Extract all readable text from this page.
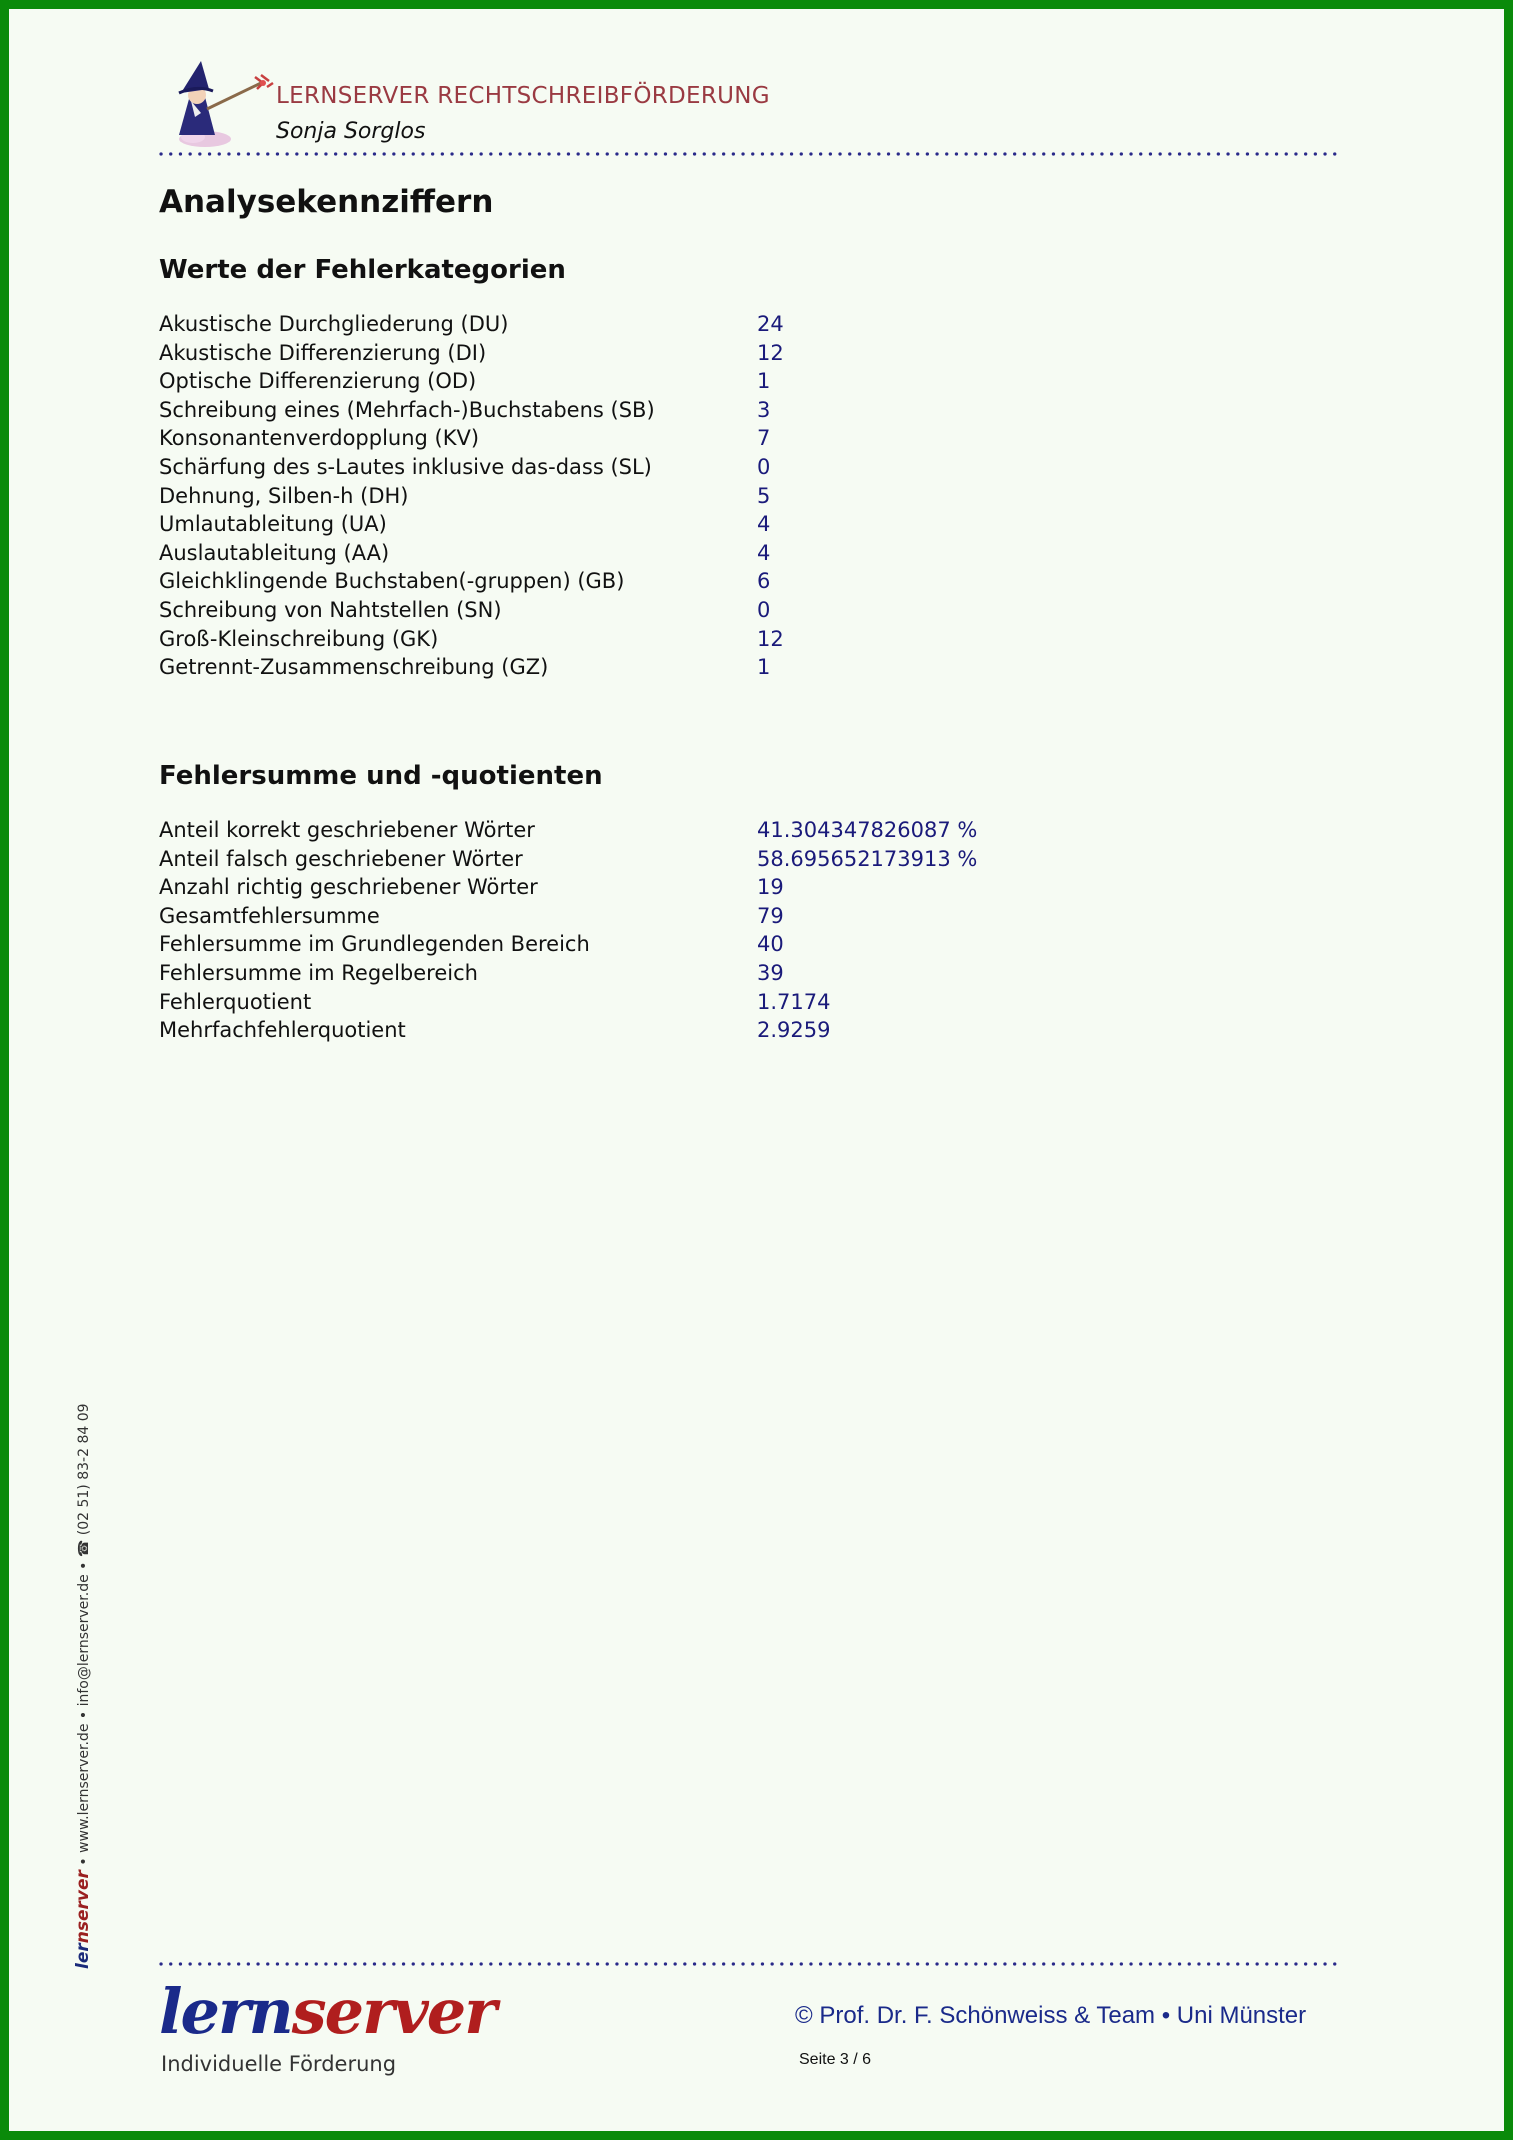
LERNSERVER RECHTSCHREIBFÖRDERUNG
Sonja Sorglos
Analysekennziffern
Werte der Fehlerkategorien
Akustische Durchgliederung (DU)	24
Akustische Differenzierung (DI)	12
Optische Differenzierung (OD)	1
Schreibung eines (Mehrfach-)Buchstabens (SB)	3
Konsonantenverdopplung (KV)	7
Schärfung des s-Lautes inklusive das-dass (SL)	0
Dehnung, Silben-h (DH)	5
Umlautableitung (UA)	4
Auslautableitung (AA)	4
Gleichklingende Buchstaben(-gruppen) (GB)	6
Schreibung von Nahtstellen (SN)	0
Groß-Kleinschreibung (GK)	12
Getrennt-Zusammenschreibung (GZ)	1
Fehlersumme und -quotienten
Anteil korrekt geschriebener Wörter	41.304347826087 %
Anteil falsch geschriebener Wörter	58.695652173913 %
Anzahl richtig geschriebener Wörter	19
Gesamtfehlersumme	79
Fehlersumme im Grundlegenden Bereich	40
Fehlersumme im Regelbereich	39
Fehlerquotient	1.7174
Mehrfachfehlerquotient	2.9259
lernserver • www.lernserver.de • info@lernserver.de • ☎ (02 51) 83-2 84 09
lernserver
Individuelle Förderung
© Prof. Dr. F. Schönweiss & Team • Uni Münster
Seite 3 / 6
